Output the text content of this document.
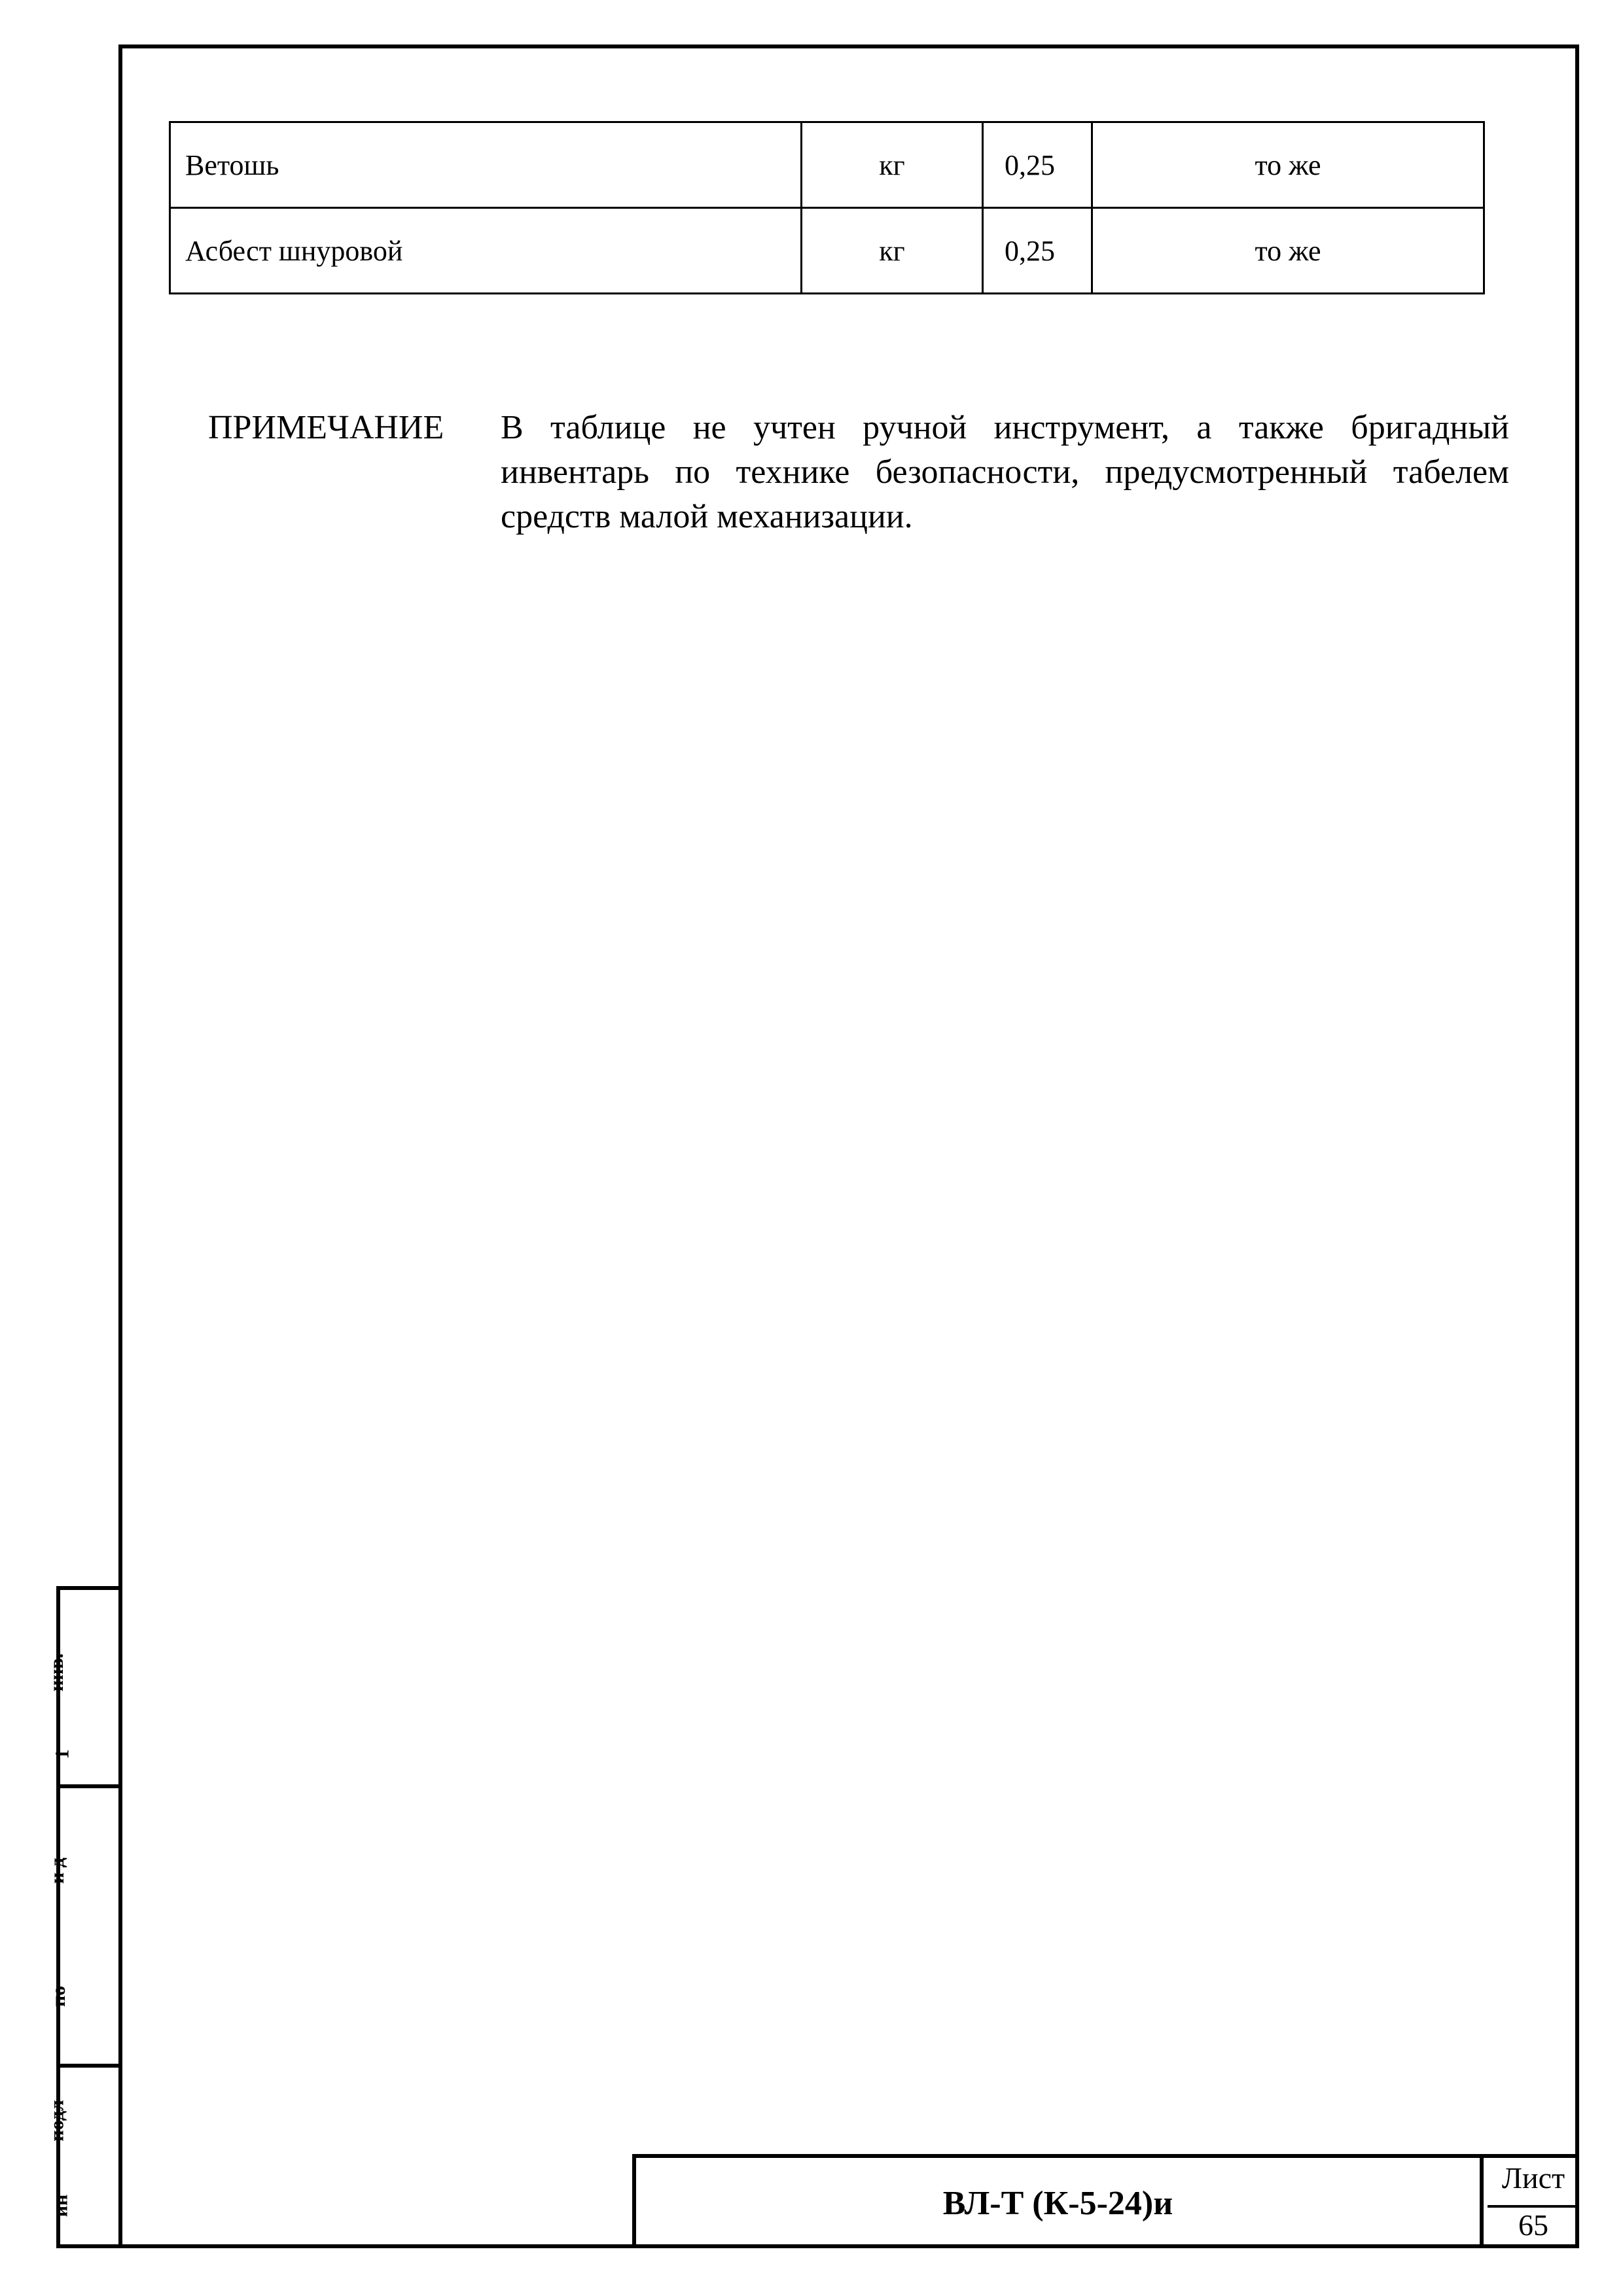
Ветошь	кг	0,25	то же
Асбест шнуровой	кг	0,25	то же
ПРИМЕЧАНИЕ В таблице не учтен ручной инструмент, а также бригадный инвентарь по технике безопасности, предусмотренный табелем средств малой механизации.
инв.
1
и д
по
подл
ин	ВЛ-Т (К-5-24)и
Лист
65
